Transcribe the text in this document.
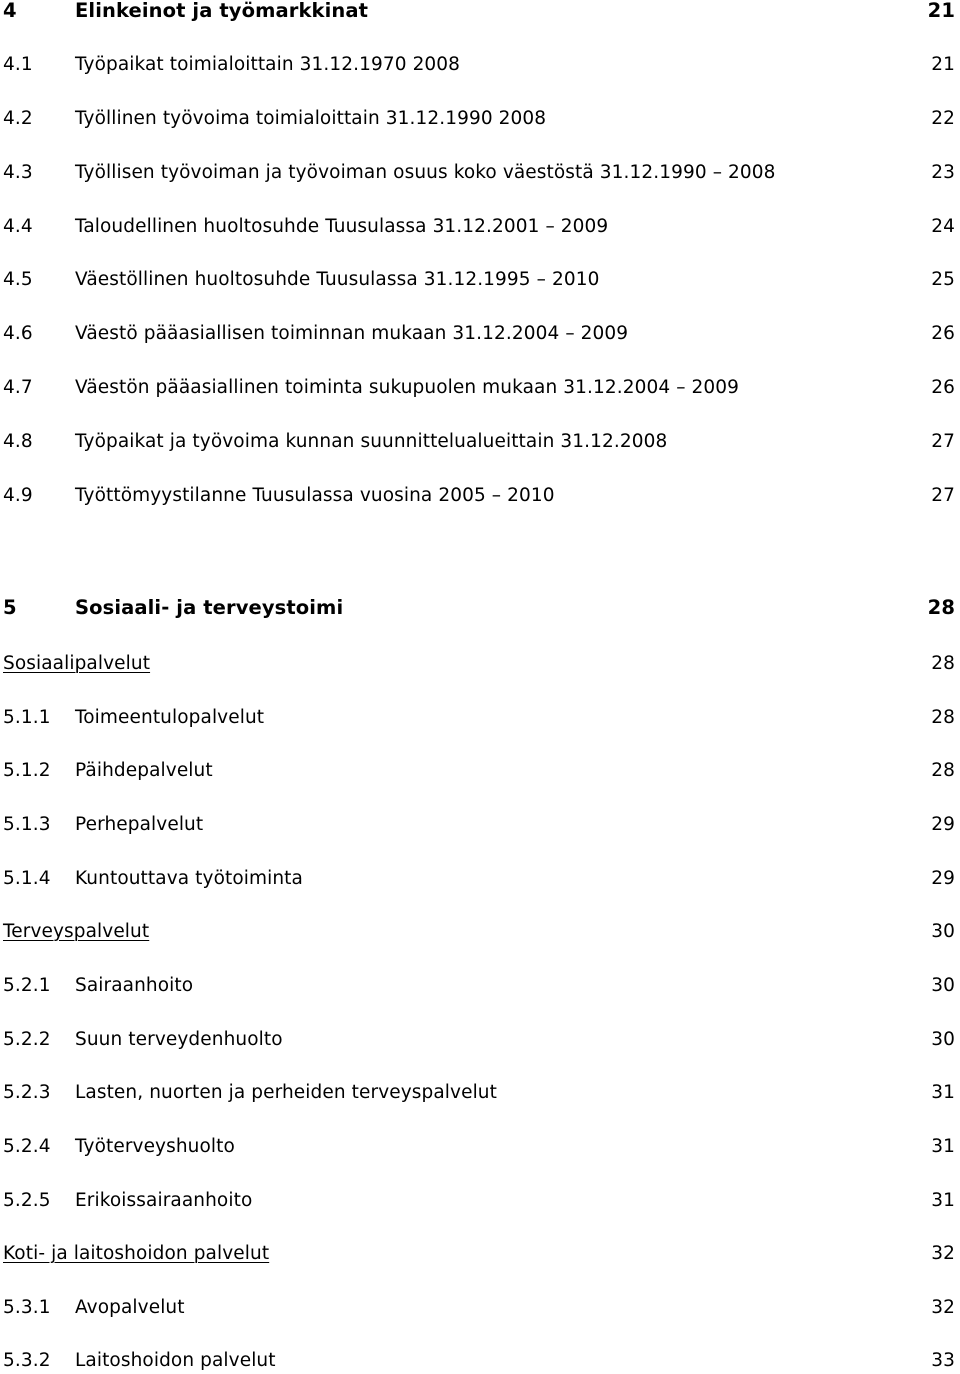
4	Elinkeinot ja työmarkkinat	21
4.1	Työpaikat toimialoittain 31.12.1970 2008	21
4.2	Työllinen työvoima toimialoittain 31.12.1990 2008	22
4.3	Työllisen työvoiman ja työvoiman osuus koko väestöstä 31.12.1990 – 2008	23
4.4	Taloudellinen huoltosuhde Tuusulassa 31.12.2001 – 2009	24
4.5	Väestöllinen huoltosuhde Tuusulassa 31.12.1995 – 2010	25
4.6	Väestö pääasiallisen toiminnan mukaan 31.12.2004 – 2009	26
4.7	Väestön pääasiallinen toiminta sukupuolen mukaan 31.12.2004 – 2009	26
4.8	Työpaikat ja työvoima kunnan suunnittelualueittain 31.12.2008	27
4.9	Työttömyystilanne Tuusulassa vuosina 2005 – 2010	27
5	Sosiaali- ja terveystoimi	28
Sosiaalipalvelut	28
5.1.1	Toimeentulopalvelut	28
5.1.2	Päihdepalvelut	28
5.1.3	Perhepalvelut	29
5.1.4	Kuntouttava työtoiminta	29
Terveyspalvelut	30
5.2.1	Sairaanhoito	30
5.2.2	Suun terveydenhuolto	30
5.2.3	Lasten, nuorten ja perheiden terveyspalvelut	31
5.2.4	Työterveyshuolto	31
5.2.5	Erikoissairaanhoito	31
Koti- ja laitoshoidon palvelut	32
5.3.1	Avopalvelut	32
5.3.2	Laitoshoidon palvelut	33
